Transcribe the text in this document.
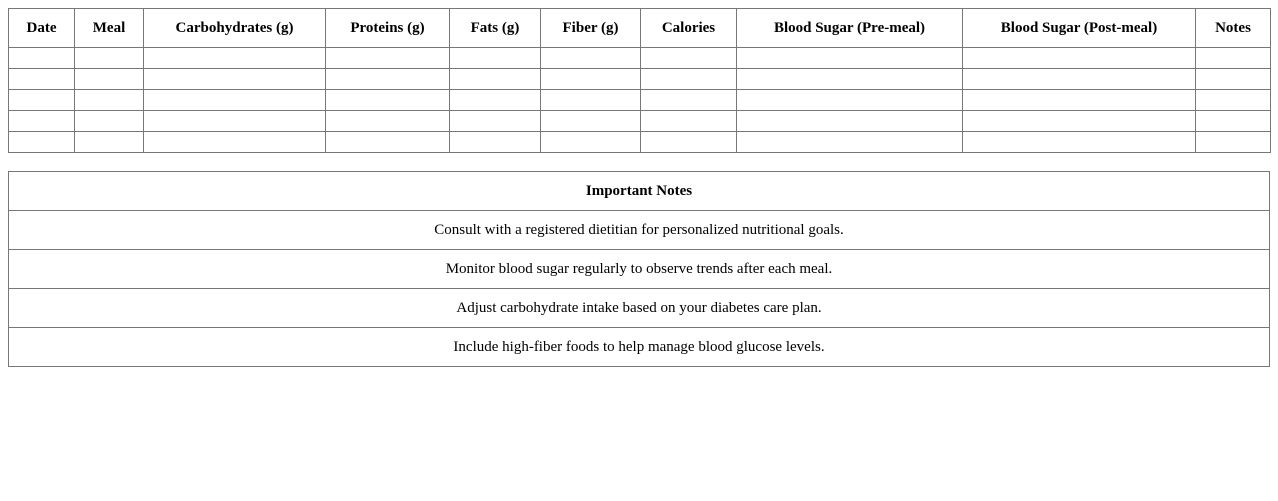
Date	Meal	Carbohydrates (g)	Proteins (g)	Fats (g)	Fiber (g)	Calories	Blood Sugar (Pre-meal)	Blood Sugar (Post-meal)	Notes

Important Notes
Consult with a registered dietitian for personalized nutritional goals.
Monitor blood sugar regularly to observe trends after each meal.
Adjust carbohydrate intake based on your diabetes care plan.
Include high-fiber foods to help manage blood glucose levels.
